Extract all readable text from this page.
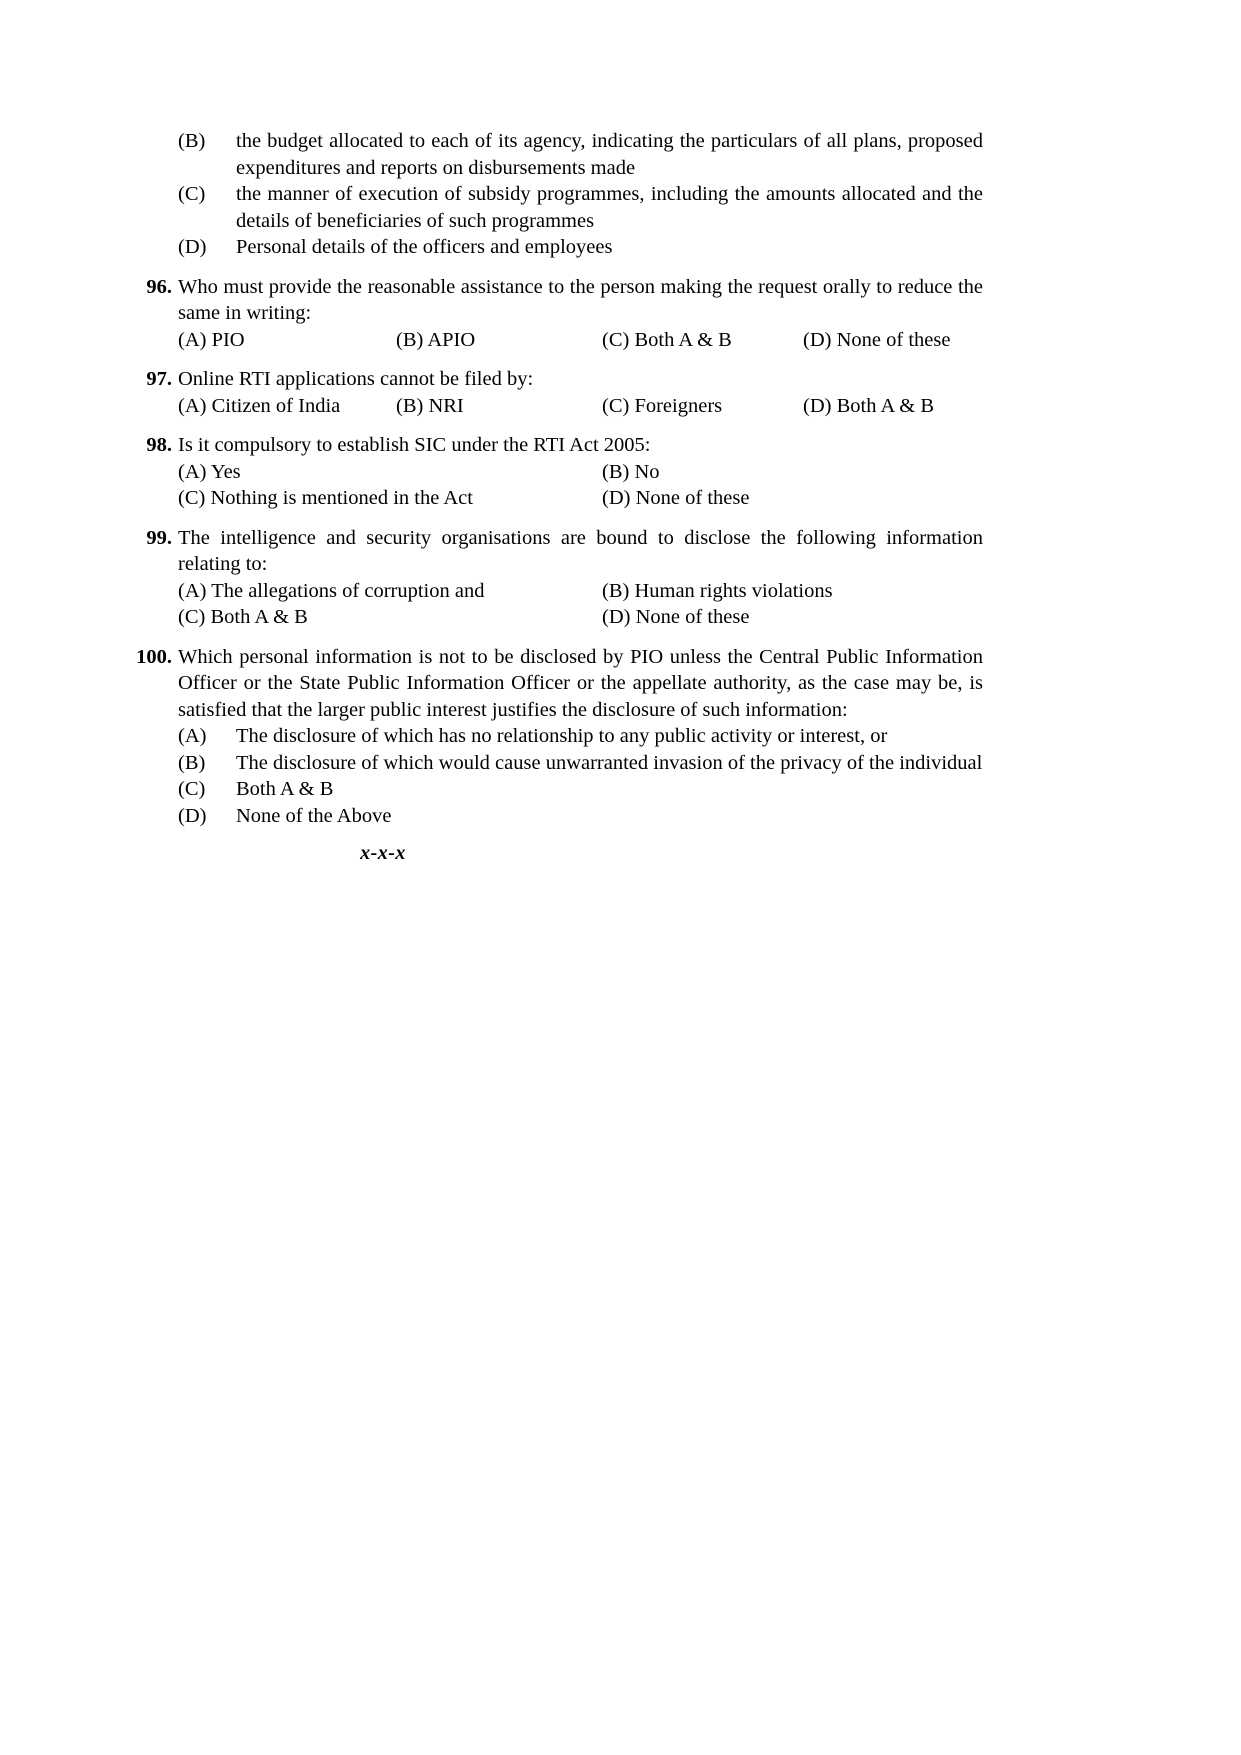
(B)	the budget allocated to each of its agency, indicating the particulars of all plans, proposed expenditures and reports on disbursements made
(C)	the manner of execution of subsidy programmes, including the amounts allocated and the details of beneficiaries of such programmes
(D)	Personal details of the officers and employees
96. Who must provide the reasonable assistance to the person making the request orally to reduce the same in writing:
(A) PIO	(B) APIO	(C) Both A & B	(D) None of these
97. Online RTI applications cannot be filed by:
(A) Citizen of India	(B) NRI	(C) Foreigners	(D) Both A & B
98. Is it compulsory to establish SIC under the RTI Act 2005:
(A) Yes	(B) No
(C) Nothing is mentioned in the Act	(D) None of these
99. The intelligence and security organisations are bound to disclose the following information relating to:
(A) The allegations of corruption and	(B) Human rights violations
(C) Both A & B	(D) None of these
100. Which personal information is not to be disclosed by PIO unless the Central Public Information Officer or the State Public Information Officer or the appellate authority, as the case may be, is satisfied that the larger public interest justifies the disclosure of such information:
(A)	The disclosure of which has no relationship to any public activity or interest, or
(B)	The disclosure of which would cause unwarranted invasion of the privacy of the individual
(C)	Both A & B
(D)	None of the Above
x-x-x
